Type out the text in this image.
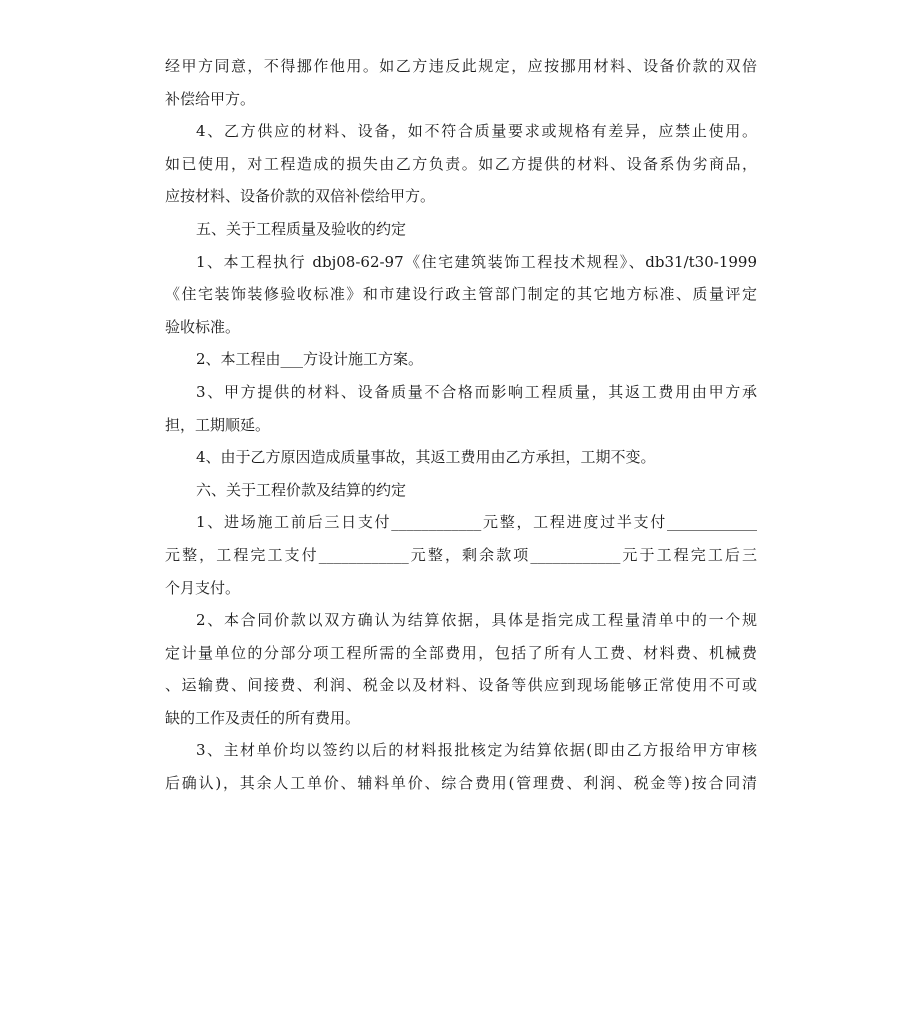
经甲方同意，不得挪作他用。如乙方违反此规定，应按挪用材料、设备价款的双倍
补偿给甲方。
4、乙方供应的材料、设备，如不符合质量要求或规格有差异，应禁止使用。
如已使用，对工程造成的损失由乙方负责。如乙方提供的材料、设备系伪劣商品，
应按材料、设备价款的双倍补偿给甲方。
五、关于工程质量及验收的约定
1、本工程执行 dbj08-62-97《住宅建筑装饰工程技术规程》、db31/t30-1999
《住宅装饰装修验收标准》和市建设行政主管部门制定的其它地方标准、质量评定
验收标准。
2、本工程由___方设计施工方案。
3、甲方提供的材料、设备质量不合格而影响工程质量，其返工费用由甲方承
担，工期顺延。
4、由于乙方原因造成质量事故，其返工费用由乙方承担，工期不变。
六、关于工程价款及结算的约定
1、进场施工前后三日支付____________元整，工程进度过半支付____________
元整，工程完工支付____________元整，剩余款项____________元于工程完工后三
个月支付。
2、本合同价款以双方确认为结算依据，具体是指完成工程量清单中的一个规
定计量单位的分部分项工程所需的全部费用，包括了所有人工费、材料费、机械费
、运输费、间接费、利润、税金以及材料、设备等供应到现场能够正常使用不可或
缺的工作及责任的所有费用。
3、主材单价均以签约以后的材料报批核定为结算依据(即由乙方报给甲方审核
后确认)，其余人工单价、辅料单价、综合费用(管理费、利润、税金等)按合同清
